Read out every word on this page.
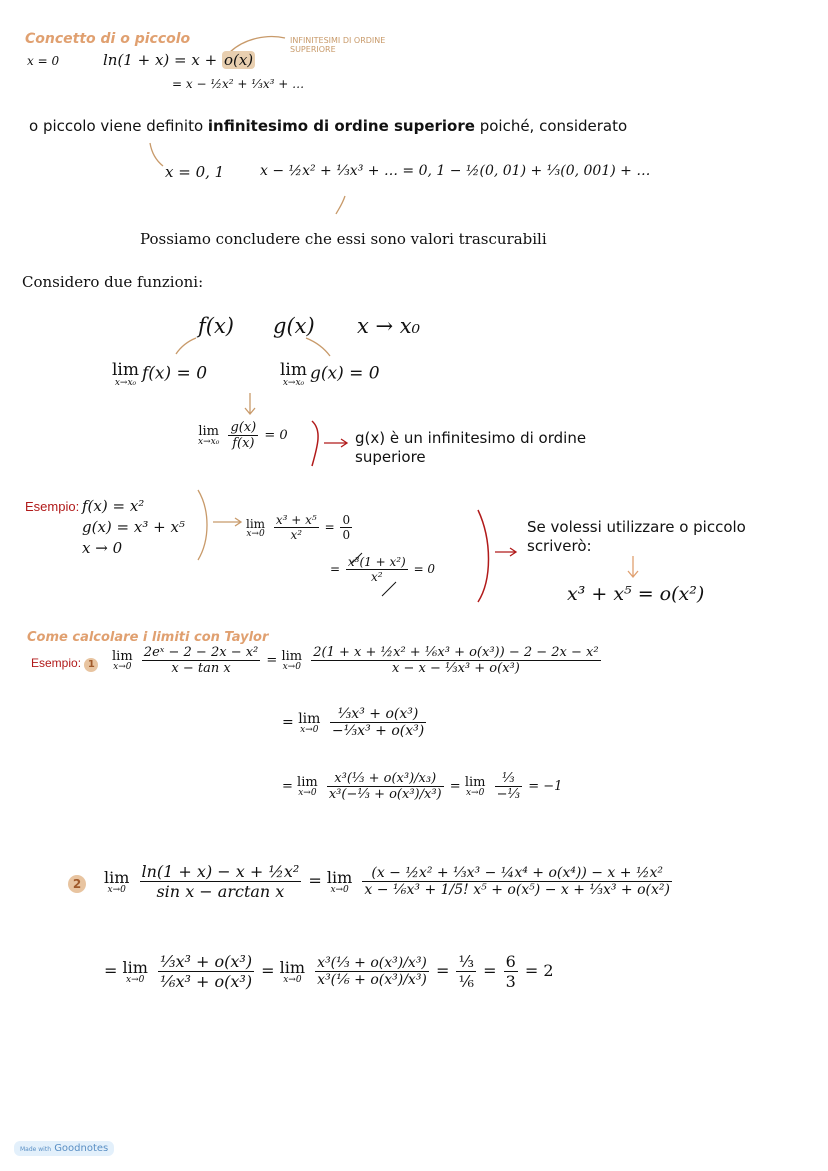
Concetto di o piccolo	INFINITESIMI DI ORDINE SUPERIORE
x = 0	ln(1 + x) = x + o(x)
= x − ½x² + ⅓x³ + …
o piccolo viene definito infinitesimo di ordine superiore poiché, considerato
x = 0, 1	x − ½x² + ⅓x³ + … = 0, 1 − ½(0, 01) + ⅓(0, 001) + …
Possiamo concludere che essi sono valori trascurabili
Considero due funzioni:
f(x) g(x) x → x₀
lim
x→x₀ f(x) = 0	lim
x→x₀ g(x) = 0
lim
x→x₀
$\frac{g(x)}{f(x)} = 0$	g(x) è un infinitesimo di ordine
superiore
Esempio: f(x) = x²
g(x) = x³ + x⁵
x → 0
lim
x→0
$\frac{\text{x³ + x⁵}}{\text{x²}} = \frac{0}{0}$
= $\frac{\text{x³(1 + x²)}}{\text{x²}} = 0$
Se volessi utilizzare o piccolo
scriverò:
x³ + x⁵ = o(x²)
Come calcolare i limiti con Taylor
Esempio: 1
lim
x→0
$\frac{\text{2eˣ − 2 − 2x − x²}}{\text{x − tan x}} = \lim$
x→0
$\frac{\text{2(1 + x + ½x² + ⅙x³ + o(x³)) − 2 − 2x − x²}}{\text{x − x − ⅓x³ + o(x³)}}$
= lim
x→0
$\frac{\text{⅓x³ + o(x³)}}{\text{−⅓x³ + o(x³)}}$
= lim
x→0
$\frac{\text{x³(⅓ + o(x³)/x₃)}}{\text{x³(−⅓ + o(x³)/x³)}} = \lim$
x→0
$\frac{\text{⅓}}{\text{−⅓}} = -1$
2	lim
x→0
$\frac{\text{ln(1 + x) − x + ½x²}}{\text{sin x − arctan x}} = \lim$
x→0
$\frac{\text{(x − ½x² + ⅓x³ − ¼x⁴ + o(x⁴)) − x + ½x²}}{\text{x − ⅙x³ + 1/5! x⁵ + o(x⁵) − x + ⅓x³ + o(x²)}}$
= lim
x→0
$\frac{\text{⅓x³ + o(x³)}}{\text{⅙x³ + o(x³)}} = \lim$
x→0
$\frac{\text{x³(⅓ + o(x³)/x³)}}{\text{x³(⅙ + o(x³)/x³)}} = \frac{\text{⅓}}{\text{⅙}} = \frac{6}{3} = 2$
Made with Goodnotes
